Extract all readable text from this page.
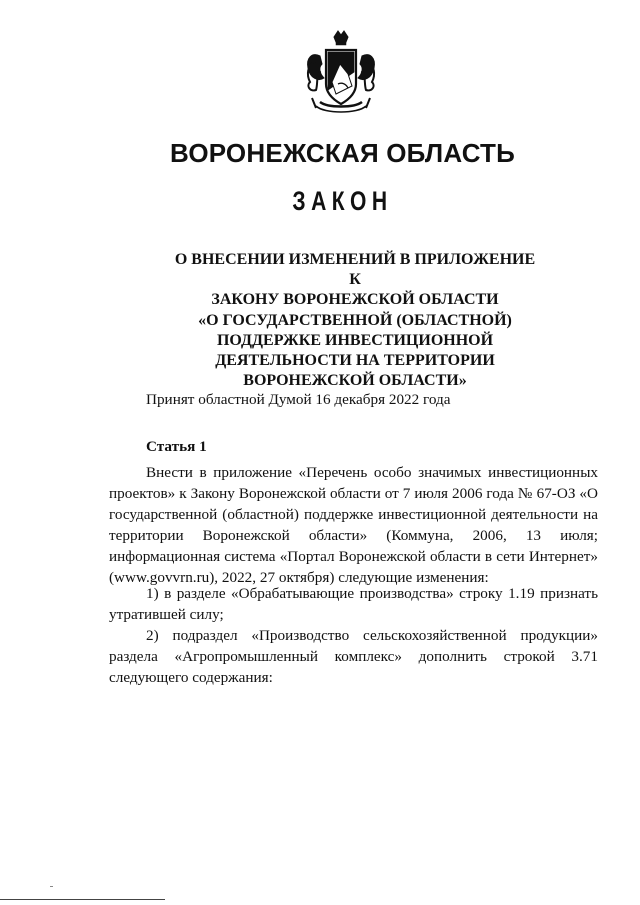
ВОРОНЕЖСКАЯ ОБЛАСТЬ
ЗАКОН
О ВНЕСЕНИИ ИЗМЕНЕНИЙ В ПРИЛОЖЕНИЕ К
ЗАКОНУ ВОРОНЕЖСКОЙ ОБЛАСТИ
«О ГОСУДАРСТВЕННОЙ (ОБЛАСТНОЙ)
ПОДДЕРЖКЕ ИНВЕСТИЦИОННОЙ
ДЕЯТЕЛЬНОСТИ НА ТЕРРИТОРИИ
ВОРОНЕЖСКОЙ ОБЛАСТИ»
Принят областной Думой 16 декабря 2022 года
Статья 1

Внести в приложение «Перечень особо значимых инвестиционных проектов» к Закону Воронежской области от 7 июля 2006 года № 67-ОЗ «О государственной (областной) поддержке инвестиционной деятельности на территории Воронежской области» (Коммуна, 2006, 13 июля; информационная система «Портал Воронежской области в сети Интернет» (www.govvrn.ru), 2022, 27 октября) следующие изменения:

1) в разделе «Обрабатывающие производства» строку 1.19 признать утратившей силу;

2) подраздел «Производство сельскохозяйственной продукции» раздела «Агропромышленный комплекс» дополнить строкой 3.71 следующего содержания:
